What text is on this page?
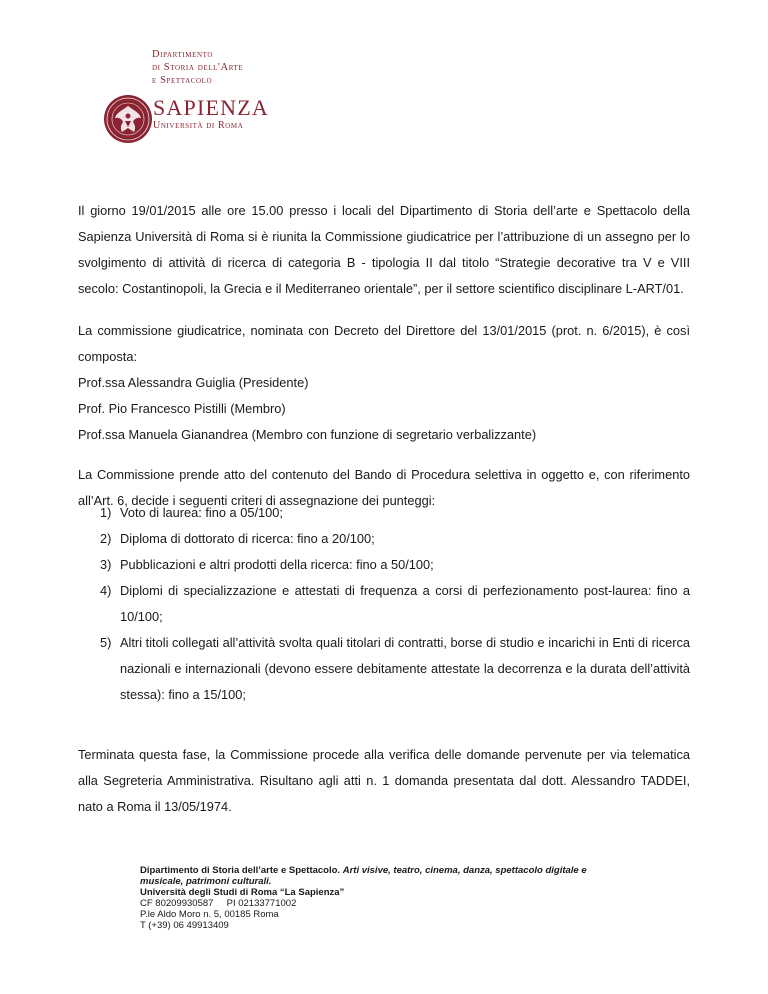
Dipartimento
di Storia dell'Arte
e Spettacolo
SAPIENZA
Università di Roma
Il giorno 19/01/2015 alle ore 15.00 presso i locali del Dipartimento di Storia dell’arte e Spettacolo della
Sapienza Università di Roma si è riunita la Commissione giudicatrice per l’attribuzione di un assegno per lo
svolgimento di attività di ricerca di categoria B - tipologia II dal titolo “Strategie decorative tra V e VIII
secolo: Costantinopoli, la Grecia e il Mediterraneo orientale”, per il settore scientifico disciplinare L-ART/01.
La commissione giudicatrice, nominata con Decreto del Direttore del 13/01/2015 (prot. n. 6/2015), è così
composta:
Prof.ssa Alessandra Guiglia (Presidente)
Prof. Pio Francesco Pistilli (Membro)
Prof.ssa Manuela Gianandrea (Membro con funzione di segretario verbalizzante)
La Commissione prende atto del contenuto del Bando di Procedura selettiva in oggetto e, con riferimento
all’Art. 6, decide i seguenti criteri di assegnazione dei punteggi:
1) Voto di laurea: fino a 05/100;
2) Diploma di dottorato di ricerca: fino a 20/100;
3) Pubblicazioni e altri prodotti della ricerca: fino a 50/100;
4) Diplomi di specializzazione e attestati di frequenza a corsi di perfezionamento post-laurea: fino a 10/100;
5) Altri titoli collegati all’attività svolta quali titolari di contratti, borse di studio e incarichi in Enti di ricerca nazionali e internazionali (devono essere debitamente attestate la decorrenza e la durata dell’attività stessa): fino a 15/100;
Terminata questa fase, la Commissione procede alla verifica delle domande pervenute per via telematica
alla Segreteria Amministrativa. Risultano agli atti n. 1 domanda presentata dal dott. Alessandro TADDEI,
nato a Roma il 13/05/1974.
Dipartimento di Storia dell’arte e Spettacolo. Arti visive, teatro, cinema, danza, spettacolo digitale e
musicale, patrimoni culturali.
Università degli Studi di Roma “La Sapienza”
CF 80209930587     PI 02133771002
P.le Aldo Moro n. 5, 00185 Roma
T (+39) 06 49913409
